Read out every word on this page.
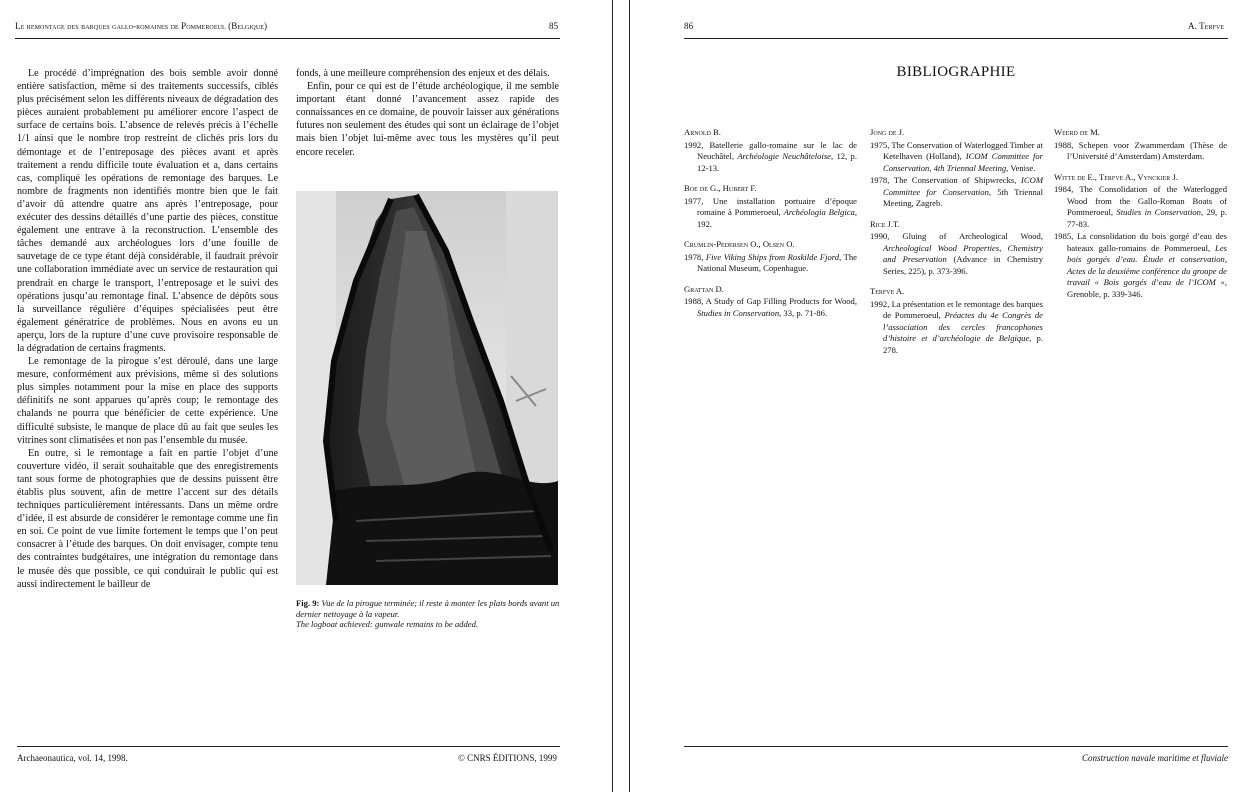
Le remontage des barques gallo-romaines de Pommeroeul (Belgique)	85

Le procédé d’imprégnation des bois semble avoir donné entière satisfaction, même si des traitements successifs, ciblés plus précisément selon les différents niveaux de dégradation des pièces auraient probablement pu améliorer encore l’aspect de surface de certains bois. L’absence de relevés précis à l’échelle 1/1 ainsi que le nombre trop restreint de clichés pris lors du démontage et de l’entreposage des pièces avant et après traitement a rendu difficile toute évaluation et a, dans certains cas, compliqué les opérations de remontage des barques. Le nombre de fragments non identifiés montre bien que le fait d’avoir dû attendre quatre ans après l’entreposage, pour exécuter des dessins détaillés d’une partie des pièces, constitue également une entrave à la reconstruction. L’ensemble des tâches demandé aux archéologues lors d’une fouille de sauvetage de ce type étant déjà considérable, il faudrait prévoir une collaboration immédiate avec un service de restauration qui prendrait en charge le transport, l’entreposage et le suivi des opérations jusqu’au remontage final. L’absence de dépôts sous la surveillance régulière d’équipes spécialisées peut être également génératrice de problèmes. Nous en avons eu un aperçu, lors de la rupture d’une cuve provisoire responsable de la dégradation de certains fragments.

Le remontage de la pirogue s’est déroulé, dans une large mesure, conformément aux prévisions, même si des solutions plus simples notamment pour la mise en place des supports définitifs ne sont apparues qu’après coup; le remontage des chalands ne pourra que bénéficier de cette expérience. Une difficulté subsiste, le manque de place dû au fait que seules les vitrines sont climatisées et non pas l’ensemble du musée.

En outre, si le remontage a fait en partie l’objet d’une couverture vidéo, il serait souhaitable que des enregistrements tant sous forme de photographies que de dessins puissent être établis plus souvent, afin de mettre l’accent sur des détails techniques particulièrement intéressants. Dans un même ordre d’idée, il est absurde de considérer le remontage comme une fin en soi. Ce point de vue limite fortement le temps que l’on peut consacrer à l’étude des barques. On doit envisager, compte tenu des contraintes budgétaires, une intégration du remontage dans le musée dès que possible, ce qui conduirait le public qui est aussi indirectement le bailleur de

fonds, à une meilleure compréhension des enjeux et des délais.

Enfin, pour ce qui est de l’étude archéologique, il me semble important étant donné l’avancement assez rapide des connaissances en ce domaine, de pouvoir laisser aux générations futures non seulement des études qui sont un éclairage de l’objet mais bien l’objet lui-même avec tous les mystères qu’il peut encore receler.

Fig. 9: Vue de la pirogue terminée; il reste à monter les plats bords avant un dernier nettoyage à la vapeur.
The logboat achieved: gunwale remains to be added.
Archaeonautica, vol. 14, 1998.	© CNRS ÉDITIONS, 1999
86	A. Terfve
BIBLIOGRAPHIE
Arnold B.
1992, Batellerie gallo-romaine sur le lac de Neuchâtel, Archéologie Neuchâteloise, 12, p. 12-13.
Boe de G., Hubert F.
1977, Une installation portuaire d’époque romaine à Pommeroeul, Archéologia Belgica, 192.
Crumlin-Pedersen O., Olsen O.
1978, Five Viking Ships from Roskilde Fjord, The National Museum, Copenhague.
Grattan D.
1988, A Study of Gap Filling Products for Wood, Studies in Conservation, 33, p. 71-86.
Jong de J.
1975, The Conservation of Waterlogged Timber at Ketelhaven (Holland), ICOM Committee for Conservation, 4th Triennal Meeting, Venise.
1978, The Conservation of Shipwrecks, ICOM Committee for Conservation, 5th Triennal Meeting, Zagreb.
Rice J.T.
1990, Gluing of Archeological Wood, Archeological Wood Properties, Chemistry and Preservation (Advance in Chemistry Series, 225), p. 373-396.
Terfve A.
1992, La présentation et le remontage des barques de Pommeroeul, Préactes du 4e Congrès de l’association des cercles francophones d’histoire et d’archéologie de Belgique, p. 278.
Weerd de M.
1988, Schepen voor Zwammerdam (Thèse de l’Université d’Amsterdam) Amsterdam.
Witte de E., Terfve A., Vynckier J.
1984, The Consolidation of the Waterlogged Wood from the Gallo-Roman Boats of Pommeroeul, Studies in Conservation, 29, p. 77-83.
1985, La consolidation du bois gorgé d’eau des bateaux gallo-romains de Pommeroeul, Les bois gorgés d’eau. Étude et conservation, Actes de la deuxième conférence du groupe de travail « Bois gorgés d’eau de l’ICOM », Grenoble, p. 339-346.
Construction navale maritime et fluviale
